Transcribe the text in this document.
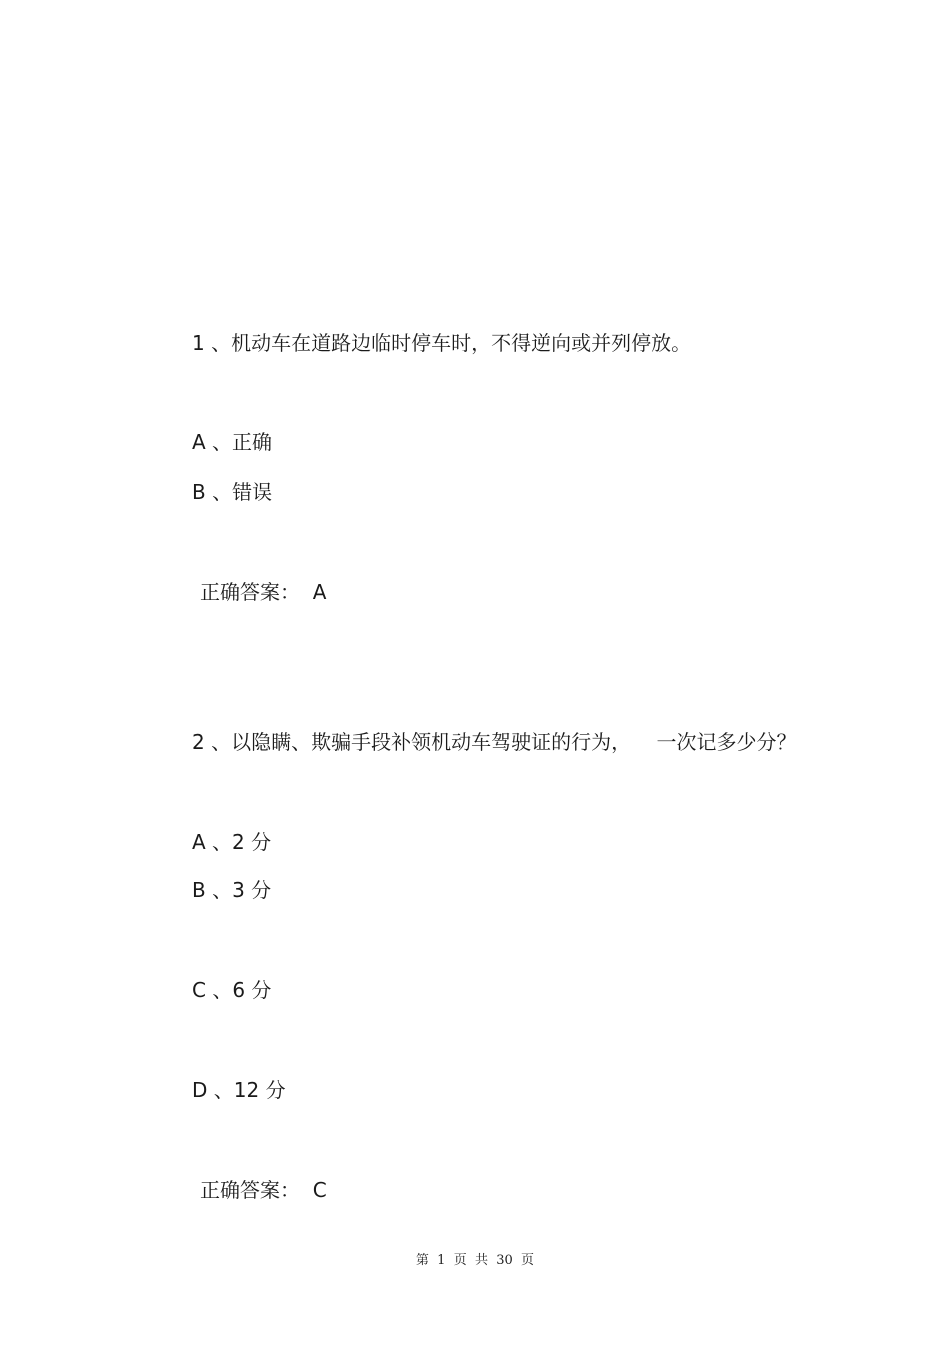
1 、机动车在道路边临时停车时，不得逆向或并列停放。
A 、正确
B 、错误
正确答案：  A
2 、以隐瞒、欺骗手段补领机动车驾驶证的行为，    一次记多少分？
A 、2 分
B 、3 分
C 、6 分
D 、12 分
正确答案：  C
第  1  页  共  30  页
